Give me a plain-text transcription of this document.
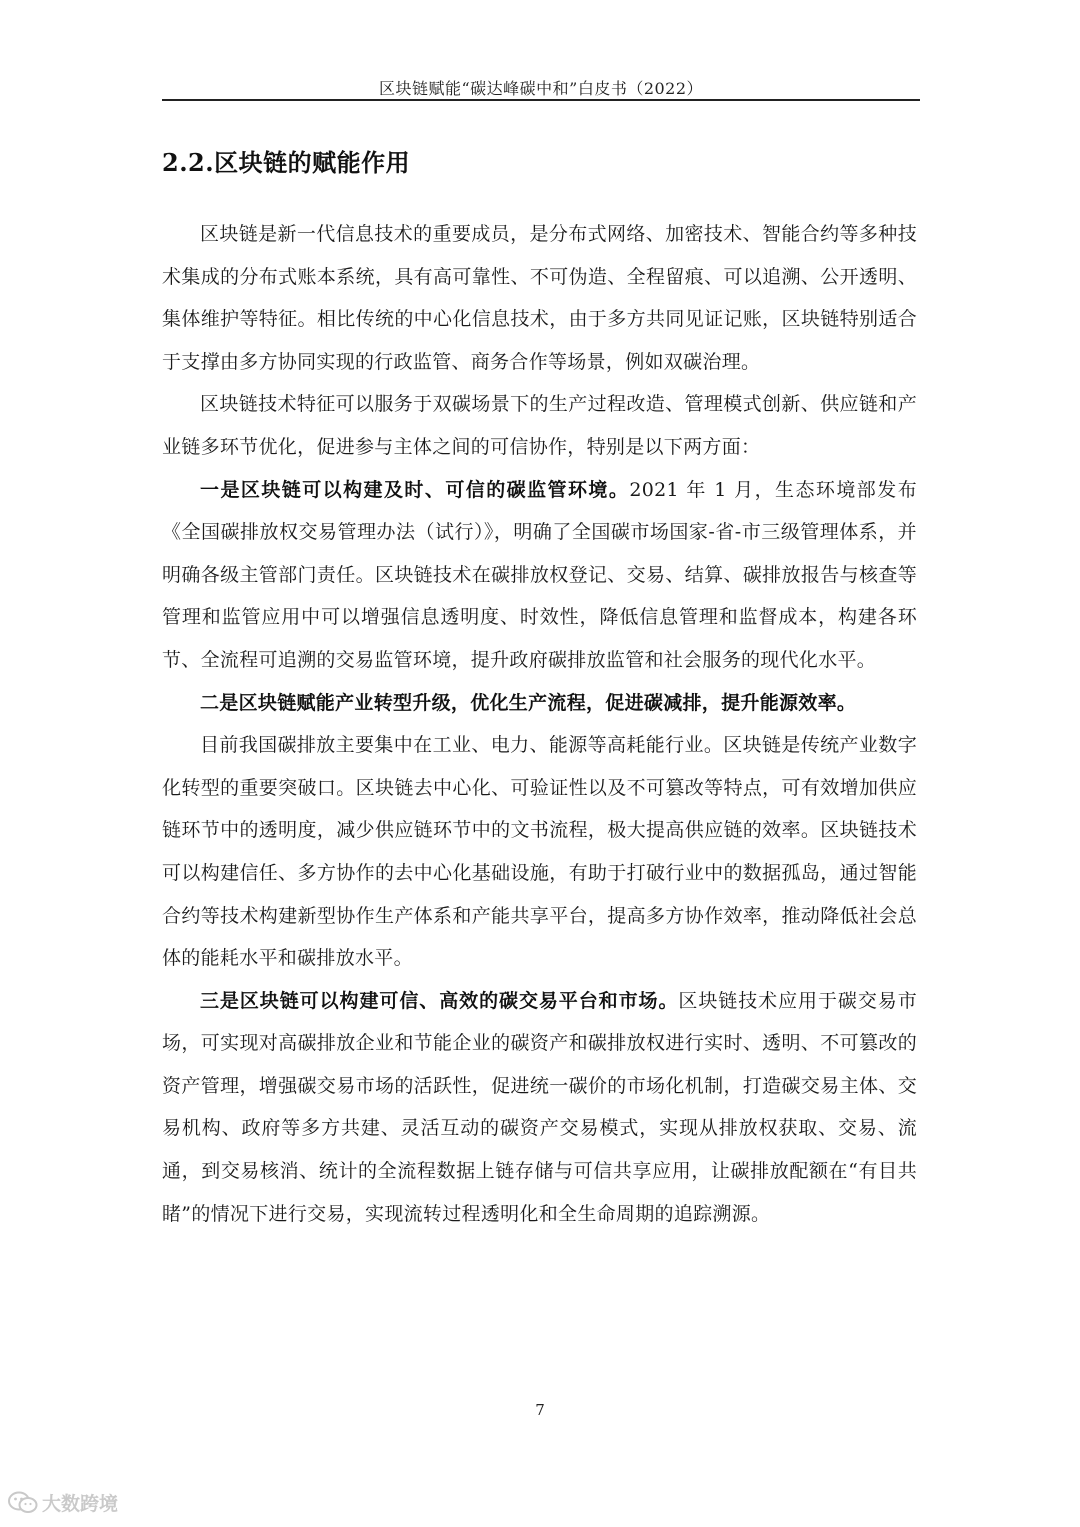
区块链赋能“碳达峰碳中和”白皮书（2022）
2.2.区块链的赋能作用

区块链是新一代信息技术的重要成员，是分布式网络、加密技术、智能合约等多种技术集成的分布式账本系统，具有高可靠性、不可伪造、全程留痕、可以追溯、公开透明、集体维护等特征。相比传统的中心化信息技术，由于多方共同见证记账，区块链特别适合于支撑由多方协同实现的行政监管、商务合作等场景，例如双碳治理。

区块链技术特征可以服务于双碳场景下的生产过程改造、管理模式创新、供应链和产业链多环节优化，促进参与主体之间的可信协作，特别是以下两方面：

一是区块链可以构建及时、可信的碳监管环境。2021 年 1 月，生态环境部发布《全国碳排放权交易管理办法（试行）》，明确了全国碳市场国家-省-市三级管理体系，并明确各级主管部门责任。区块链技术在碳排放权登记、交易、结算、碳排放报告与核查等管理和监管应用中可以增强信息透明度、时效性，降低信息管理和监督成本，构建各环节、全流程可追溯的交易监管环境，提升政府碳排放监管和社会服务的现代化水平。

二是区块链赋能产业转型升级，优化生产流程，促进碳减排，提升能源效率。

目前我国碳排放主要集中在工业、电力、能源等高耗能行业。区块链是传统产业数字化转型的重要突破口。区块链去中心化、可验证性以及不可篡改等特点，可有效增加供应链环节中的透明度，减少供应链环节中的文书流程，极大提高供应链的效率。区块链技术可以构建信任、多方协作的去中心化基础设施，有助于打破行业中的数据孤岛，通过智能合约等技术构建新型协作生产体系和产能共享平台，提高多方协作效率，推动降低社会总体的能耗水平和碳排放水平。

三是区块链可以构建可信、高效的碳交易平台和市场。区块链技术应用于碳交易市场，可实现对高碳排放企业和节能企业的碳资产和碳排放权进行实时、透明、不可篡改的资产管理，增强碳交易市场的活跃性，促进统一碳价的市场化机制，打造碳交易主体、交易机构、政府等多方共建、灵活互动的碳资产交易模式，实现从排放权获取、交易、流通，到交易核消、统计的全流程数据上链存储与可信共享应用，让碳排放配额在“有目共睹”的情况下进行交易，实现流转过程透明化和全生命周期的追踪溯源。

7
大数跨境
